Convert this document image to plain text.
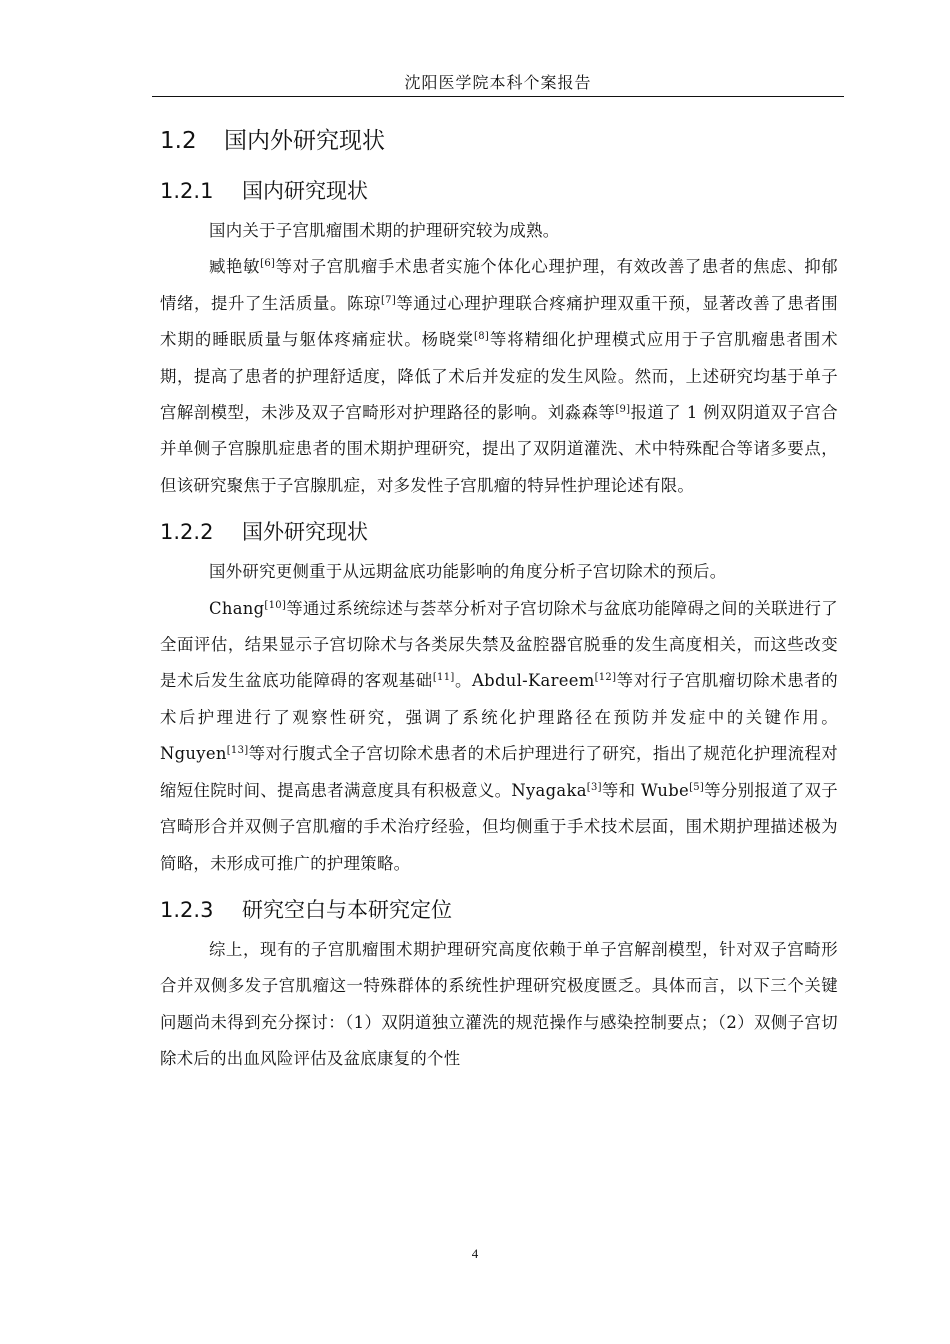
沈阳医学院本科个案报告
1.2 国内外研究现状
1.2.1 国内研究现状

国内关于子宫肌瘤围术期的护理研究较为成熟。

臧艳敏[6]等对子宫肌瘤手术患者实施个体化心理护理，有效改善了患者的焦虑、抑郁情绪，提升了生活质量。陈琼[7]等通过心理护理联合疼痛护理双重干预，显著改善了患者围术期的睡眠质量与躯体疼痛症状。杨晓棠[8]等将精细化护理模式应用于子宫肌瘤患者围术期，提高了患者的护理舒适度，降低了术后并发症的发生风险。然而，上述研究均基于单子宫解剖模型，未涉及双子宫畸形对护理路径的影响。刘淼森等[9]报道了 1 例双阴道双子宫合并单侧子宫腺肌症患者的围术期护理研究，提出了双阴道灌洗、术中特殊配合等诸多要点，但该研究聚焦于子宫腺肌症，对多发性子宫肌瘤的特异性护理论述有限。

1.2.2 国外研究现状

国外研究更侧重于从远期盆底功能影响的角度分析子宫切除术的预后。

Chang[10]等通过系统综述与荟萃分析对子宫切除术与盆底功能障碍之间的关联进行了全面评估，结果显示子宫切除术与各类尿失禁及盆腔器官脱垂的发生高度相关，而这些改变是术后发生盆底功能障碍的客观基础[11]。Abdul-Kareem[12]等对行子宫肌瘤切除术患者的术后护理进行了观察性研究，强调了系统化护理路径在预防并发症中的关键作用。Nguyen[13]等对行腹式全子宫切除术患者的术后护理进行了研究，指出了规范化护理流程对缩短住院时间、提高患者满意度具有积极意义。Nyagaka[3]等和 Wube[5]等分别报道了双子宫畸形合并双侧子宫肌瘤的手术治疗经验，但均侧重于手术技术层面，围术期护理描述极为简略，未形成可推广的护理策略。

1.2.3 研究空白与本研究定位

综上，现有的子宫肌瘤围术期护理研究高度依赖于单子宫解剖模型，针对双子宫畸形合并双侧多发子宫肌瘤这一特殊群体的系统性护理研究极度匮乏。具体而言，以下三个关键问题尚未得到充分探讨：（1）双阴道独立灌洗的规范操作与感染控制要点；（2）双侧子宫切除术后的出血风险评估及盆底康复的个性

4
